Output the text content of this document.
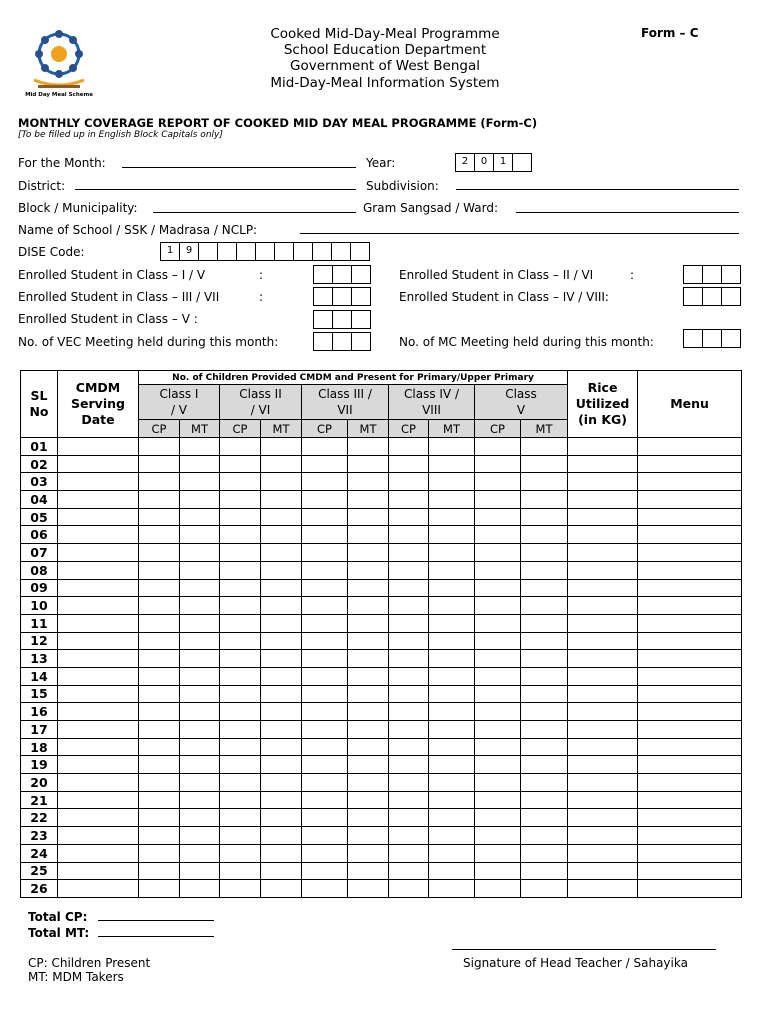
Mid Day Meal Scheme
Cooked Mid-Day-Meal Programme
School Education Department
Government of West Bengal
Mid-Day-Meal Information System
Form – C
MONTHLY COVERAGE REPORT OF COOKED MID DAY MEAL PROGRAMME (Form-C)
[To be filled up in English Block Capitals only]
For the Month:	Year:	2	0	1
District:	Subdivision:
Block / Municipality:	Gram Sangsad / Ward:
Name of School / SSK / Madrasa / NCLP:
DISE Code:	1	9
Enrolled Student in Class – I / V	:	Enrolled Student in Class – II / VI	:
Enrolled Student in Class – III / VII	:	Enrolled Student in Class – IV / VIII:
Enrolled Student in Class – V :
No. of VEC Meeting held during this month:	No. of MC Meeting held during this month:
SL No	CMDM Serving Date	No. of Children Provided CMDM and Present for Primary/Upper Primary										Rice Utilized (in KG)	Menu

		Class I / V		Class II / VI		Class III / VII		Class IV / VIII		Class V			

		CP	MT	CP	MT	CP	MT	CP	MT	CP	MT		
01													
02													
03													
04													
05													
06													
07													
08													
09													
10													
11													
12													
13													
14													
15													
16													
17													
18													
19													
20													
21													
22													
23													
24													
25													
26													
Total CP:
Total MT:
CP: Children Present
MT: MDM Takers
Signature of Head Teacher / Sahayika
